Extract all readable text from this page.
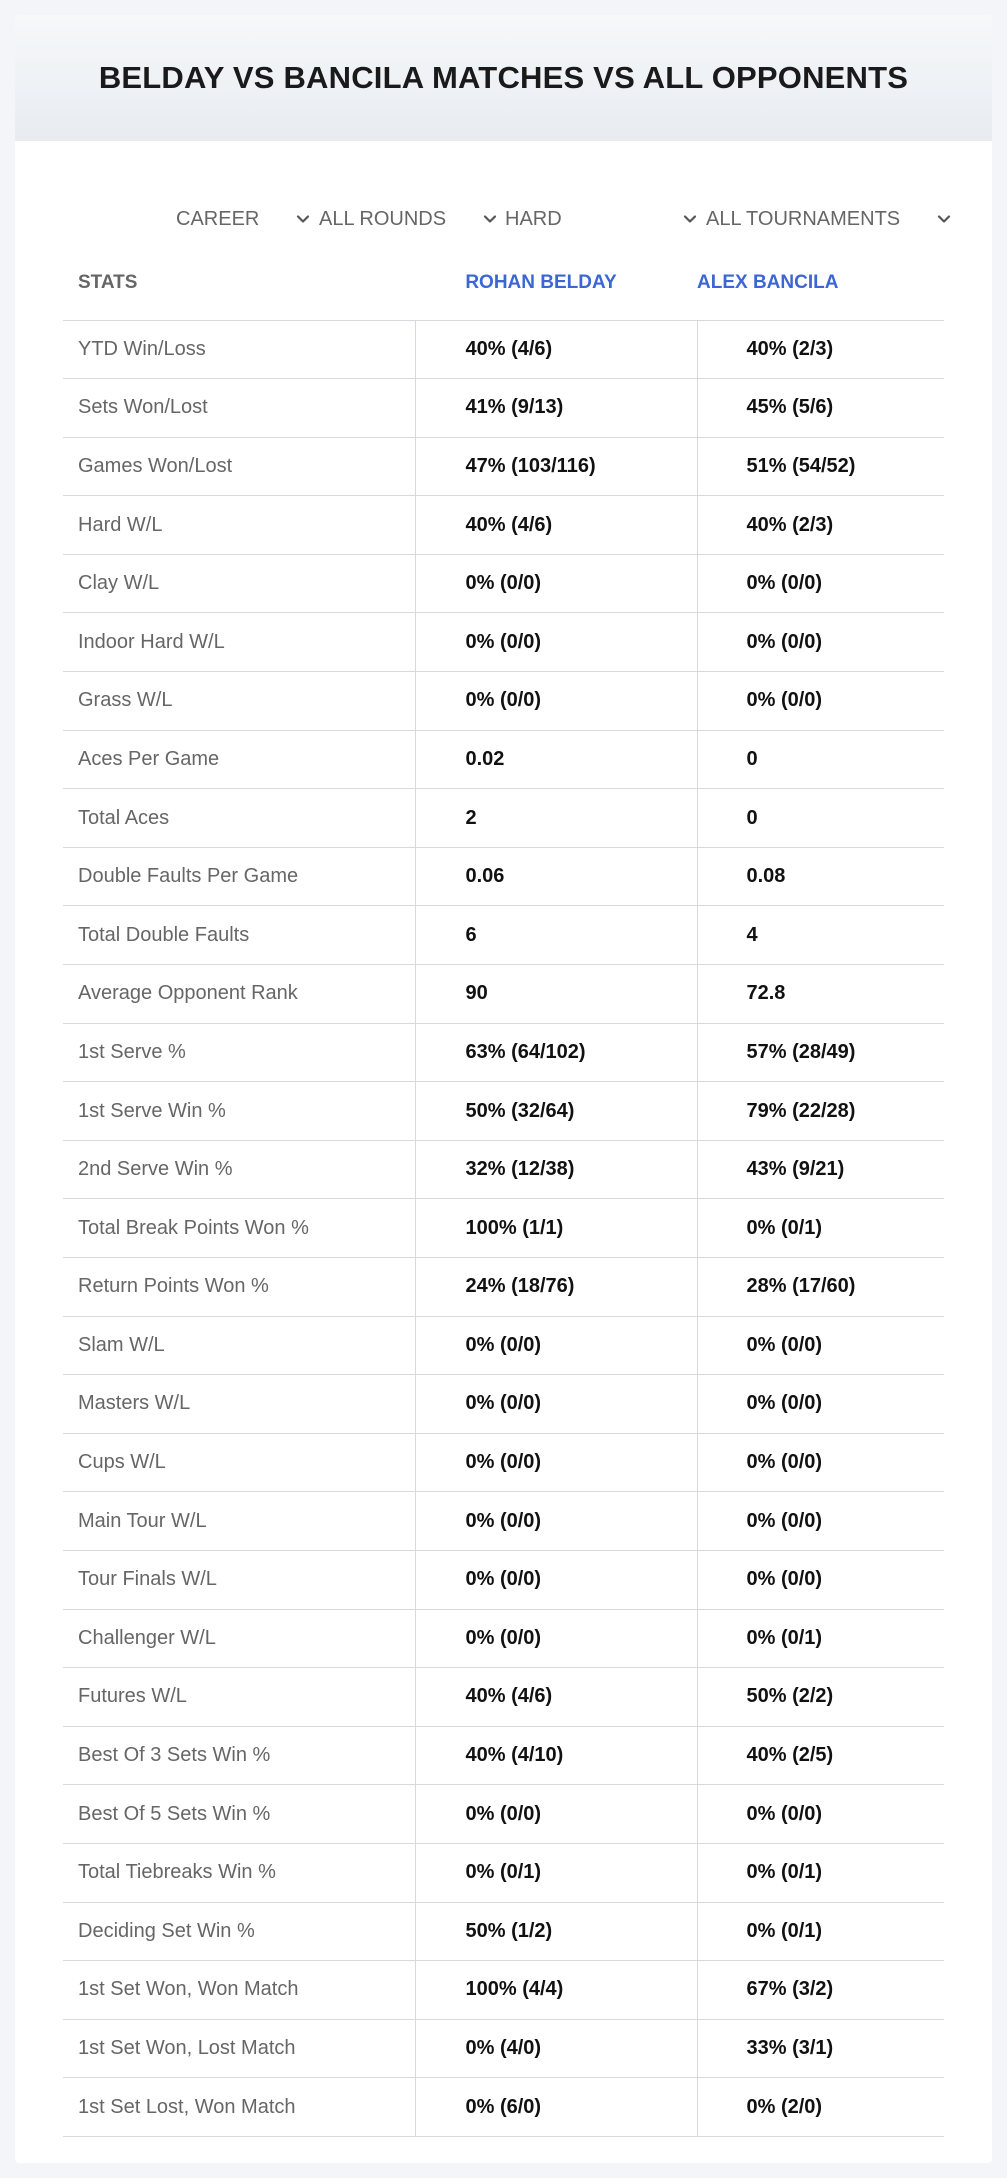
BELDAY VS BANCILA MATCHES VS ALL OPPONENTS
CAREER	ALL ROUNDS	HARD	ALL TOURNAMENTS
STATS	ROHAN BELDAY	ALEX BANCILA
YTD Win/Loss	40% (4/6)	40% (2/3)
Sets Won/Lost	41% (9/13)	45% (5/6)
Games Won/Lost	47% (103/116)	51% (54/52)
Hard W/L	40% (4/6)	40% (2/3)
Clay W/L	0% (0/0)	0% (0/0)
Indoor Hard W/L	0% (0/0)	0% (0/0)
Grass W/L	0% (0/0)	0% (0/0)
Aces Per Game	0.02	0
Total Aces	2	0
Double Faults Per Game	0.06	0.08
Total Double Faults	6	4
Average Opponent Rank	90	72.8
1st Serve %	63% (64/102)	57% (28/49)
1st Serve Win %	50% (32/64)	79% (22/28)
2nd Serve Win %	32% (12/38)	43% (9/21)
Total Break Points Won %	100% (1/1)	0% (0/1)
Return Points Won %	24% (18/76)	28% (17/60)
Slam W/L	0% (0/0)	0% (0/0)
Masters W/L	0% (0/0)	0% (0/0)
Cups W/L	0% (0/0)	0% (0/0)
Main Tour W/L	0% (0/0)	0% (0/0)
Tour Finals W/L	0% (0/0)	0% (0/0)
Challenger W/L	0% (0/0)	0% (0/1)
Futures W/L	40% (4/6)	50% (2/2)
Best Of 3 Sets Win %	40% (4/10)	40% (2/5)
Best Of 5 Sets Win %	0% (0/0)	0% (0/0)
Total Tiebreaks Win %	0% (0/1)	0% (0/1)
Deciding Set Win %	50% (1/2)	0% (0/1)
1st Set Won, Won Match	100% (4/4)	67% (3/2)
1st Set Won, Lost Match	0% (4/0)	33% (3/1)
1st Set Lost, Won Match	0% (6/0)	0% (2/0)
